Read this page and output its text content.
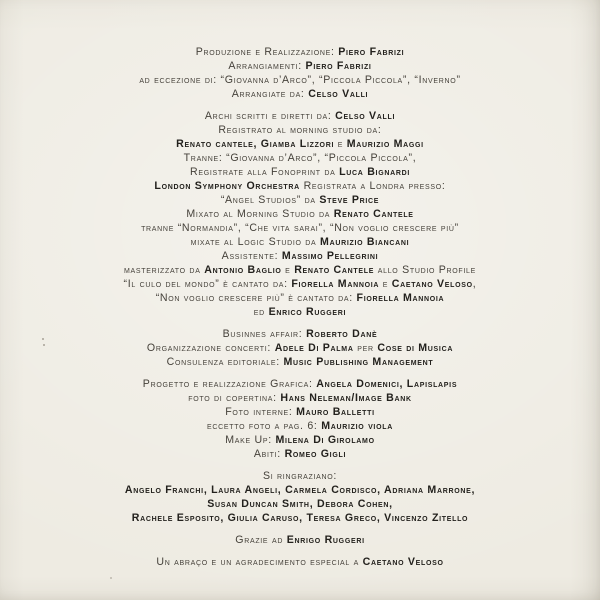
Produzione e Realizzazione: Piero Fabrizi
Arrangiamenti: Piero Fabrizi
ad eccezione di: “Giovanna d’Arco”, “Piccola Piccola”, “Inverno”
Arrangiate da: Celso Valli
Archi scritti e diretti da: Celso Valli
Registrato al morning studio da:
Renato cantele, Giamba Lizzori e Maurizio Maggi
Tranne: “Giovanna d’Arco”, “Piccola Piccola”,
Registrate alla Fonoprint da Luca Bignardi
London Symphony Orchestra Registrata a Londra presso:
“Angel Studios” da Steve Price
Mixato al Morning Studio da Renato Cantele
tranne “Normandia”, “Che vita sarai”, “Non voglio crescere più”
mixate al Logic Studio da Maurizio Biancani
Assistente: Massimo Pellegrini
masterizzato da Antonio Baglio e Renato Cantele allo Studio Profile
“Il culo del mondo” è cantato da: Fiorella Mannoia e Caetano Veloso,
“Non voglio crescere più” è cantato da: Fiorella Mannoia
ed Enrico Ruggeri
Businnes affair: Roberto Danè
Organizzazione concerti: Adele Di Palma per Cose di Musica
Consulenza editoriale: Music Publishing Management
Progetto e realizzazione Grafica: Angela Domenici, Lapislapis
foto di copertina: Hans Neleman/Image Bank
Foto interne: Mauro Balletti
eccetto foto a pag. 6: Maurizio viola
Make Up: Milena Di Girolamo
Abiti: Romeo Gigli
Si ringraziano:
Angelo Franchi, Laura Angeli, Carmela Cordisco, Adriana Marrone,
Susan Duncan Smith, Debora Cohen,
Rachele Esposito, Giulia Caruso, Teresa Greco, Vincenzo Zitello
Grazie ad Enrigo Ruggeri
Un abraço e un agradecimento especial a Caetano Veloso
